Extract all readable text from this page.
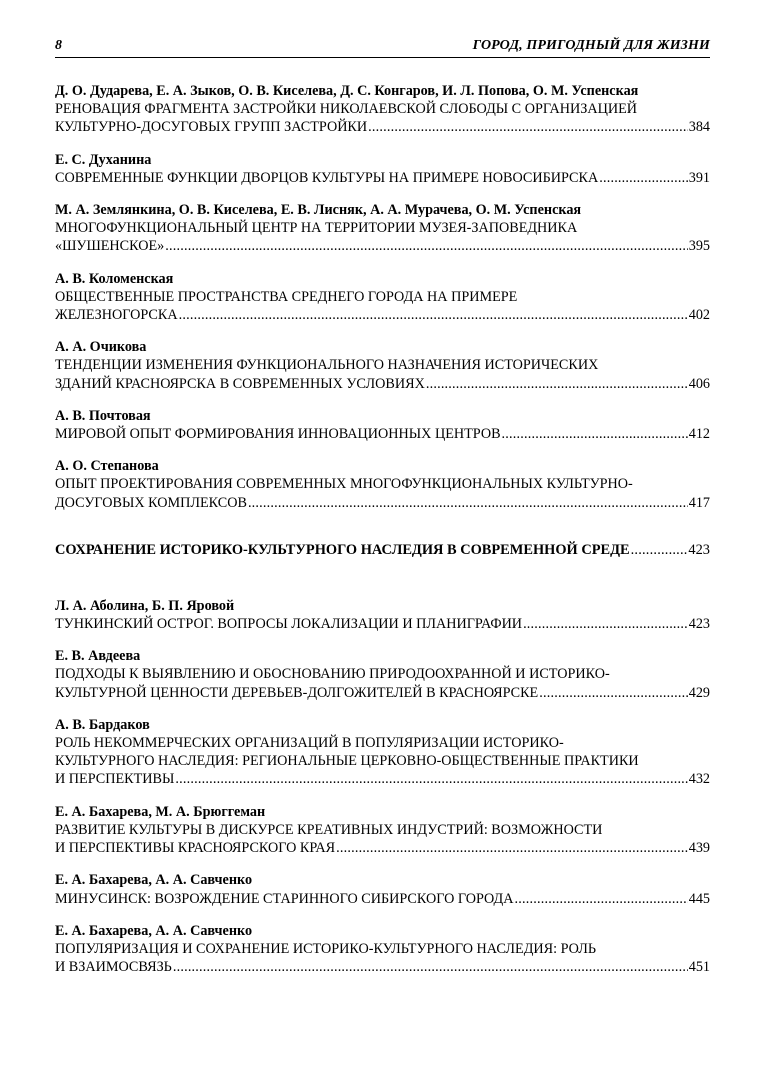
8	ГОРОД, ПРИГОДНЫЙ ДЛЯ ЖИЗНИ
Д. О. Дударева, Е. А. Зыков, О. В. Киселева, Д. С. Конгаров, И. Л. Попова, О. М. Успенская
РЕНОВАЦИЯ ФРАГМЕНТА ЗАСТРОЙКИ НИКОЛАЕВСКОЙ СЛОБОДЫ С ОРГАНИЗАЦИЕЙ
КУЛЬТУРНО-ДОСУГОВЫХ ГРУПП ЗАСТРОЙКИ .....	384
Е. С. Духанина
СОВРЕМЕННЫЕ ФУНКЦИИ ДВОРЦОВ КУЛЬТУРЫ НА ПРИМЕРЕ НОВОСИБИРСКА .....	391
М. А. Землянкина, О. В. Киселева, Е. В. Лисняк, А. А. Мурачева, О. М. Успенская
МНОГОФУНКЦИОНАЛЬНЫЙ ЦЕНТР НА ТЕРРИТОРИИ МУЗЕЯ-ЗАПОВЕДНИКА
«ШУШЕНСКОЕ» .....	395
А. В. Коломенская
ОБЩЕСТВЕННЫЕ ПРОСТРАНСТВА СРЕДНЕГО ГОРОДА НА ПРИМЕРЕ
ЖЕЛЕЗНОГОРСКА .....	402
А. А. Очикова
ТЕНДЕНЦИИ ИЗМЕНЕНИЯ ФУНКЦИОНАЛЬНОГО НАЗНАЧЕНИЯ ИСТОРИЧЕСКИХ
ЗДАНИЙ КРАСНОЯРСКА В СОВРЕМЕННЫХ УСЛОВИЯХ .....	406
А. В. Почтовая
МИРОВОЙ ОПЫТ ФОРМИРОВАНИЯ ИННОВАЦИОННЫХ ЦЕНТРОВ .....	412
А. О. Степанова
ОПЫТ ПРОЕКТИРОВАНИЯ СОВРЕМЕННЫХ МНОГОФУНКЦИОНАЛЬНЫХ КУЛЬТУРНО-
ДОСУГОВЫХ КОМПЛЕКСОВ .....	417
СОХРАНЕНИЕ ИСТОРИКО-КУЛЬТУРНОГО НАСЛЕДИЯ В СОВРЕМЕННОЙ СРЕДЕ .....	423
Л. А. Аболина, Б. П. Яровой
ТУНКИНСКИЙ ОСТРОГ. ВОПРОСЫ ЛОКАЛИЗАЦИИ И ПЛАНИГРАФИИ .....	423
Е. В. Авдеева
ПОДХОДЫ К ВЫЯВЛЕНИЮ И ОБОСНОВАНИЮ ПРИРОДООХРАННОЙ И ИСТОРИКО-
КУЛЬТУРНОЙ ЦЕННОСТИ ДЕРЕВЬЕВ-ДОЛГОЖИТЕЛЕЙ В КРАСНОЯРСКЕ .....	429
А. В. Бардаков
РОЛЬ НЕКОММЕРЧЕСКИХ ОРГАНИЗАЦИЙ В ПОПУЛЯРИЗАЦИИ ИСТОРИКО-
КУЛЬТУРНОГО НАСЛЕДИЯ: РЕГИОНАЛЬНЫЕ ЦЕРКОВНО-ОБЩЕСТВЕННЫЕ ПРАКТИКИ
И ПЕРСПЕКТИВЫ .....	432
Е. А. Бахарева, М. А. Брюггеман
РАЗВИТИЕ КУЛЬТУРЫ В ДИСКУРСЕ КРЕАТИВНЫХ ИНДУСТРИЙ: ВОЗМОЖНОСТИ
И ПЕРСПЕКТИВЫ КРАСНОЯРСКОГО КРАЯ .....	439
Е. А. Бахарева, А. А. Савченко
МИНУСИНСК: ВОЗРОЖДЕНИЕ СТАРИННОГО СИБИРСКОГО ГОРОДА .....	445
Е. А. Бахарева, А. А. Савченко
ПОПУЛЯРИЗАЦИЯ И СОХРАНЕНИЕ ИСТОРИКО-КУЛЬТУРНОГО НАСЛЕДИЯ: РОЛЬ
И ВЗАИМОСВЯЗЬ .....	451
